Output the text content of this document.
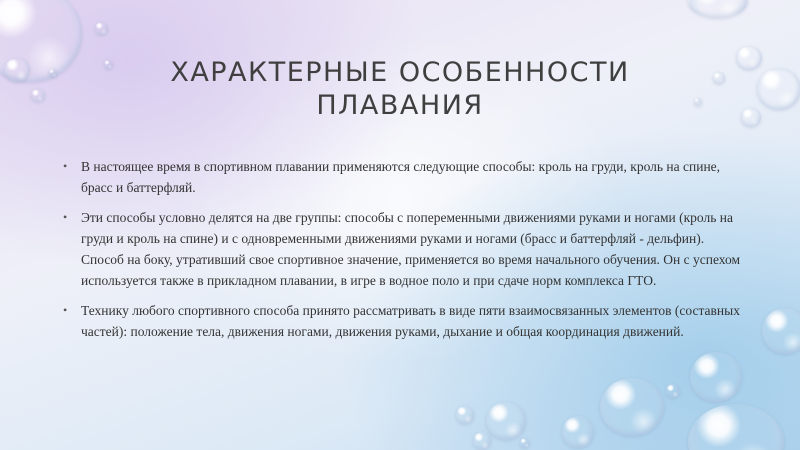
ХАРАКТЕРНЫЕ ОСОБЕННОСТИ
ПЛАВАНИЯ
• В настоящее время в спортивном плавании применяются следующие способы: кроль на груди, кроль на спине, брасс и баттерфляй.
• Эти способы условно делятся на две группы: способы с попеременными движениями руками и ногами (кроль на груди и кроль на спине) и с одновременными движениями руками и ногами (брасс и баттерфляй - дельфин). Способ на боку, утративший свое спортивное значение, применяется во время начального обучения. Он с успехом используется также в прикладном плавании, в игре в водное поло и при сдаче норм комплекса ГТО.
• Технику любого спортивного способа принято рассматривать в виде пяти взаимосвязанных элементов (составных частей): положение тела, движения ногами, движения руками, дыхание и общая координация движений.
